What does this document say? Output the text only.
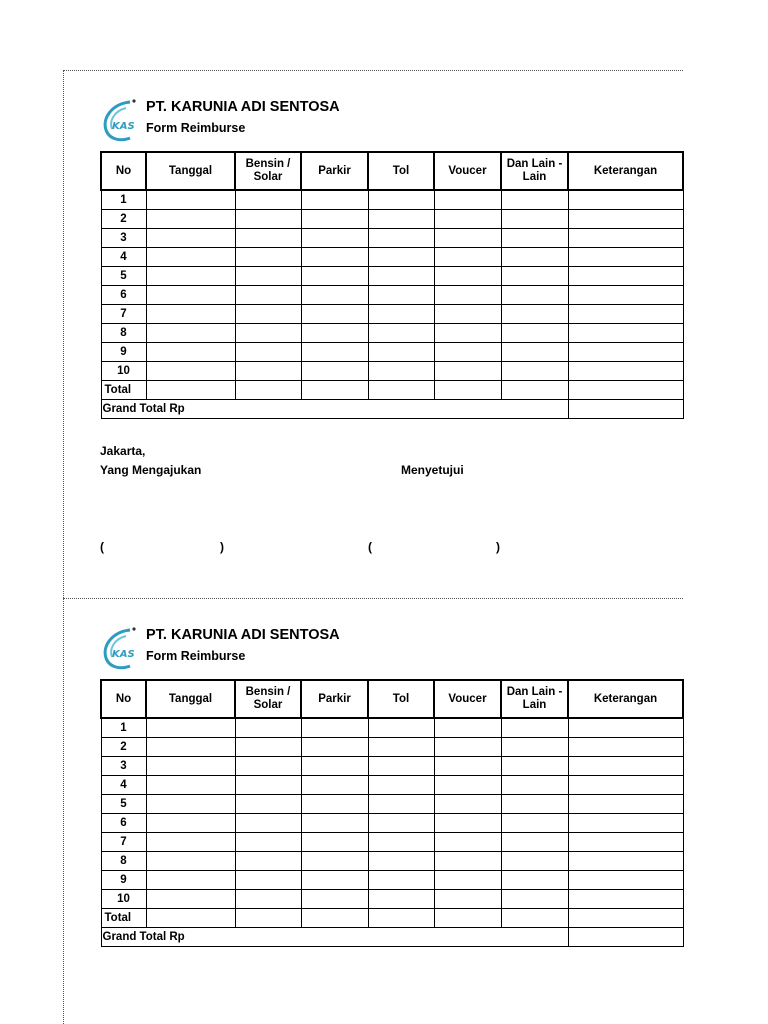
KAS
PT. KARUNIA ADI SENTOSA
Form Reimburse
No	Tanggal	Bensin / Solar	Parkir	Tol	Voucer	Dan Lain - Lain	Keterangan
1							
2							
3							
4							
5							
6							
7							
8							
9							
10							
Total							
Grand Total Rp							
Jakarta,
Yang Mengajukan	Menyetujui
(	)	(	)
KAS
PT. KARUNIA ADI SENTOSA
Form Reimburse
No	Tanggal	Bensin / Solar	Parkir	Tol	Voucer	Dan Lain - Lain	Keterangan
1							
2							
3							
4							
5							
6							
7							
8							
9							
10							
Total							
Grand Total Rp							
